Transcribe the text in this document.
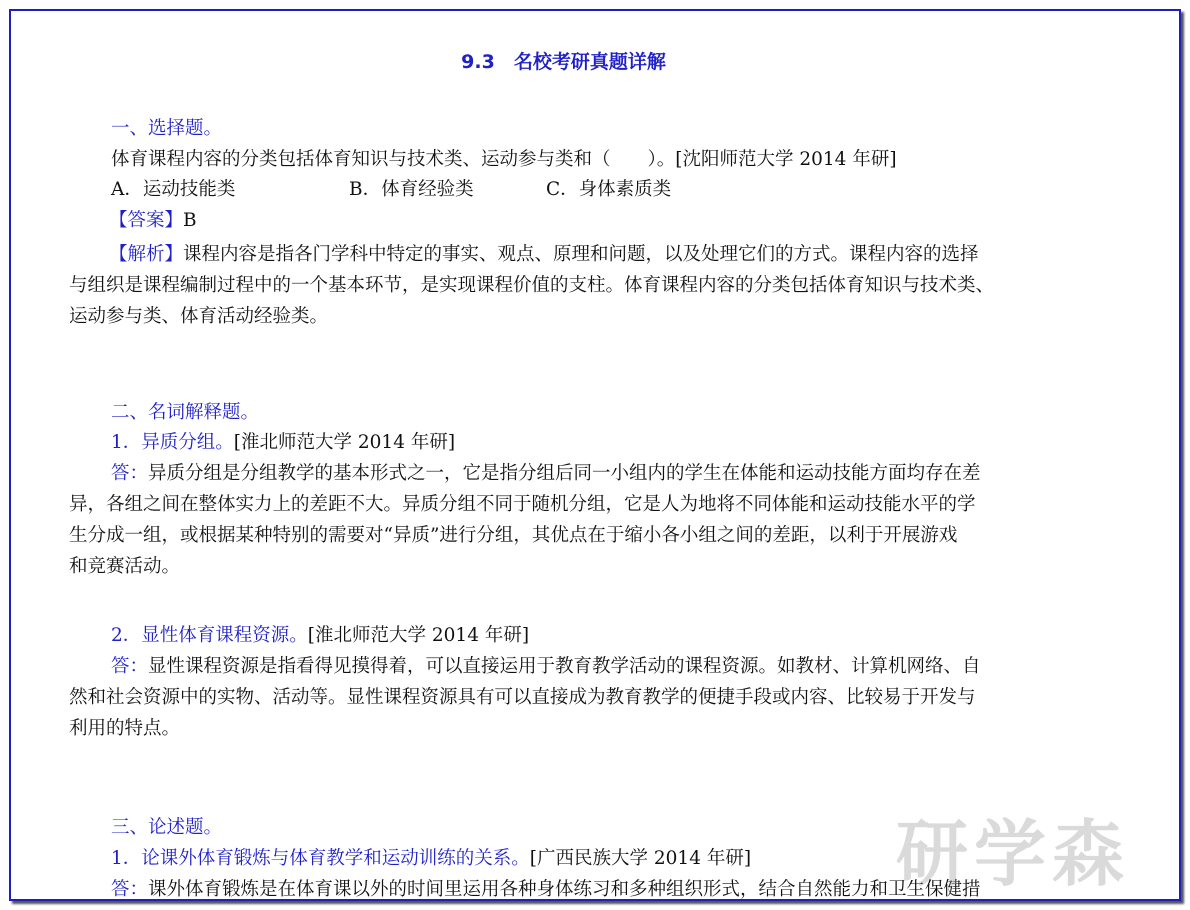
9.3　名校考研真题详解
一、选择题。
体育课程内容的分类包括体育知识与技术类、运动参与类和（　　）。[沈阳师范大学 2014 年研]
A．运动技能类	B．体育经验类	C．身体素质类
【答案】B
【解析】课程内容是指各门学科中特定的事实、观点、原理和问题，以及处理它们的方式。课程内容的选择
与组织是课程编制过程中的一个基本环节，是实现课程价值的支柱。体育课程内容的分类包括体育知识与技术类、
运动参与类、体育活动经验类。
二、名词解释题。
1．异质分组。[淮北师范大学 2014 年研]
答：异质分组是分组教学的基本形式之一，它是指分组后同一小组内的学生在体能和运动技能方面均存在差
异，各组之间在整体实力上的差距不大。异质分组不同于随机分组，它是人为地将不同体能和运动技能水平的学
生分成一组，或根据某种特别的需要对“异质”进行分组，其优点在于缩小各小组之间的差距，以利于开展游戏
和竞赛活动。
2．显性体育课程资源。[淮北师范大学 2014 年研]
答：显性课程资源是指看得见摸得着，可以直接运用于教育教学活动的课程资源。如教材、计算机网络、自
然和社会资源中的实物、活动等。显性课程资源具有可以直接成为教育教学的便捷手段或内容、比较易于开发与
利用的特点。
三、论述题。
1．论课外体育锻炼与体育教学和运动训练的关系。[广西民族大学 2014 年研]
答：课外体育锻炼是在体育课以外的时间里运用各种身体练习和多种组织形式，结合自然能力和卫生保健措
研学森
